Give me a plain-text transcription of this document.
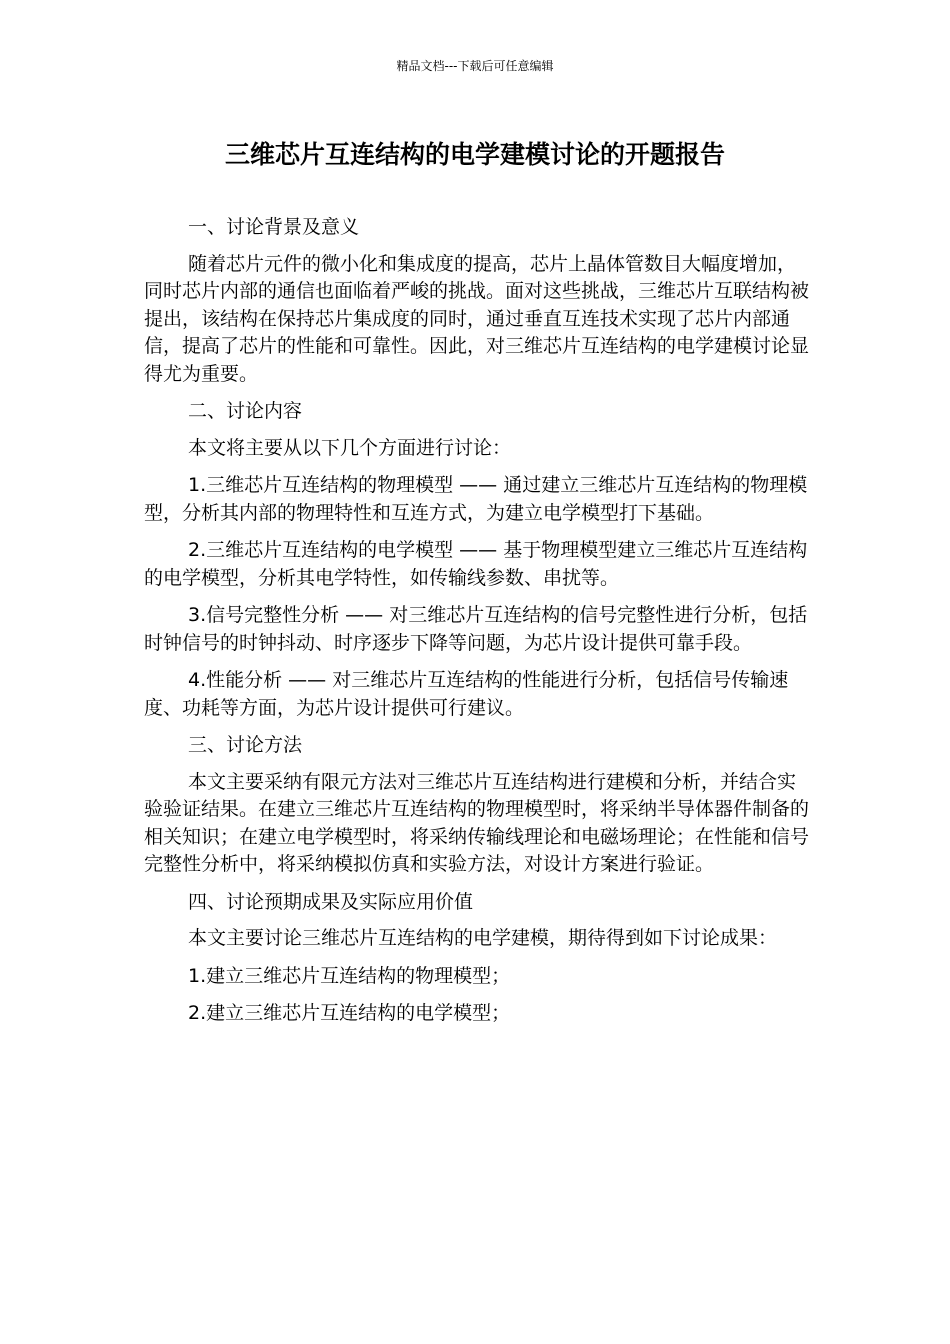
精品文档---下载后可任意编辑
三维芯片互连结构的电学建模讨论的开题报告

一、讨论背景及意义

随着芯片元件的微小化和集成度的提高，芯片上晶体管数目大幅度增加，同时芯片内部的通信也面临着严峻的挑战。面对这些挑战，三维芯片互联结构被提出，该结构在保持芯片集成度的同时，通过垂直互连技术实现了芯片内部通信，提高了芯片的性能和可靠性。因此，对三维芯片互连结构的电学建模讨论显得尤为重要。

二、讨论内容

本文将主要从以下几个方面进行讨论：

1.三维芯片互连结构的物理模型 —— 通过建立三维芯片互连结构的物理模型，分析其内部的物理特性和互连方式，为建立电学模型打下基础。

2.三维芯片互连结构的电学模型 —— 基于物理模型建立三维芯片互连结构的电学模型，分析其电学特性，如传输线参数、串扰等。

3.信号完整性分析 —— 对三维芯片互连结构的信号完整性进行分析，包括时钟信号的时钟抖动、时序逐步下降等问题，为芯片设计提供可靠手段。

4.性能分析 —— 对三维芯片互连结构的性能进行分析，包括信号传输速度、功耗等方面，为芯片设计提供可行建议。

三、讨论方法

本文主要采纳有限元方法对三维芯片互连结构进行建模和分析，并结合实验验证结果。在建立三维芯片互连结构的物理模型时，将采纳半导体器件制备的相关知识；在建立电学模型时，将采纳传输线理论和电磁场理论；在性能和信号完整性分析中，将采纳模拟仿真和实验方法，对设计方案进行验证。

四、讨论预期成果及实际应用价值

本文主要讨论三维芯片互连结构的电学建模，期待得到如下讨论成果：

1.建立三维芯片互连结构的物理模型；

2.建立三维芯片互连结构的电学模型；
